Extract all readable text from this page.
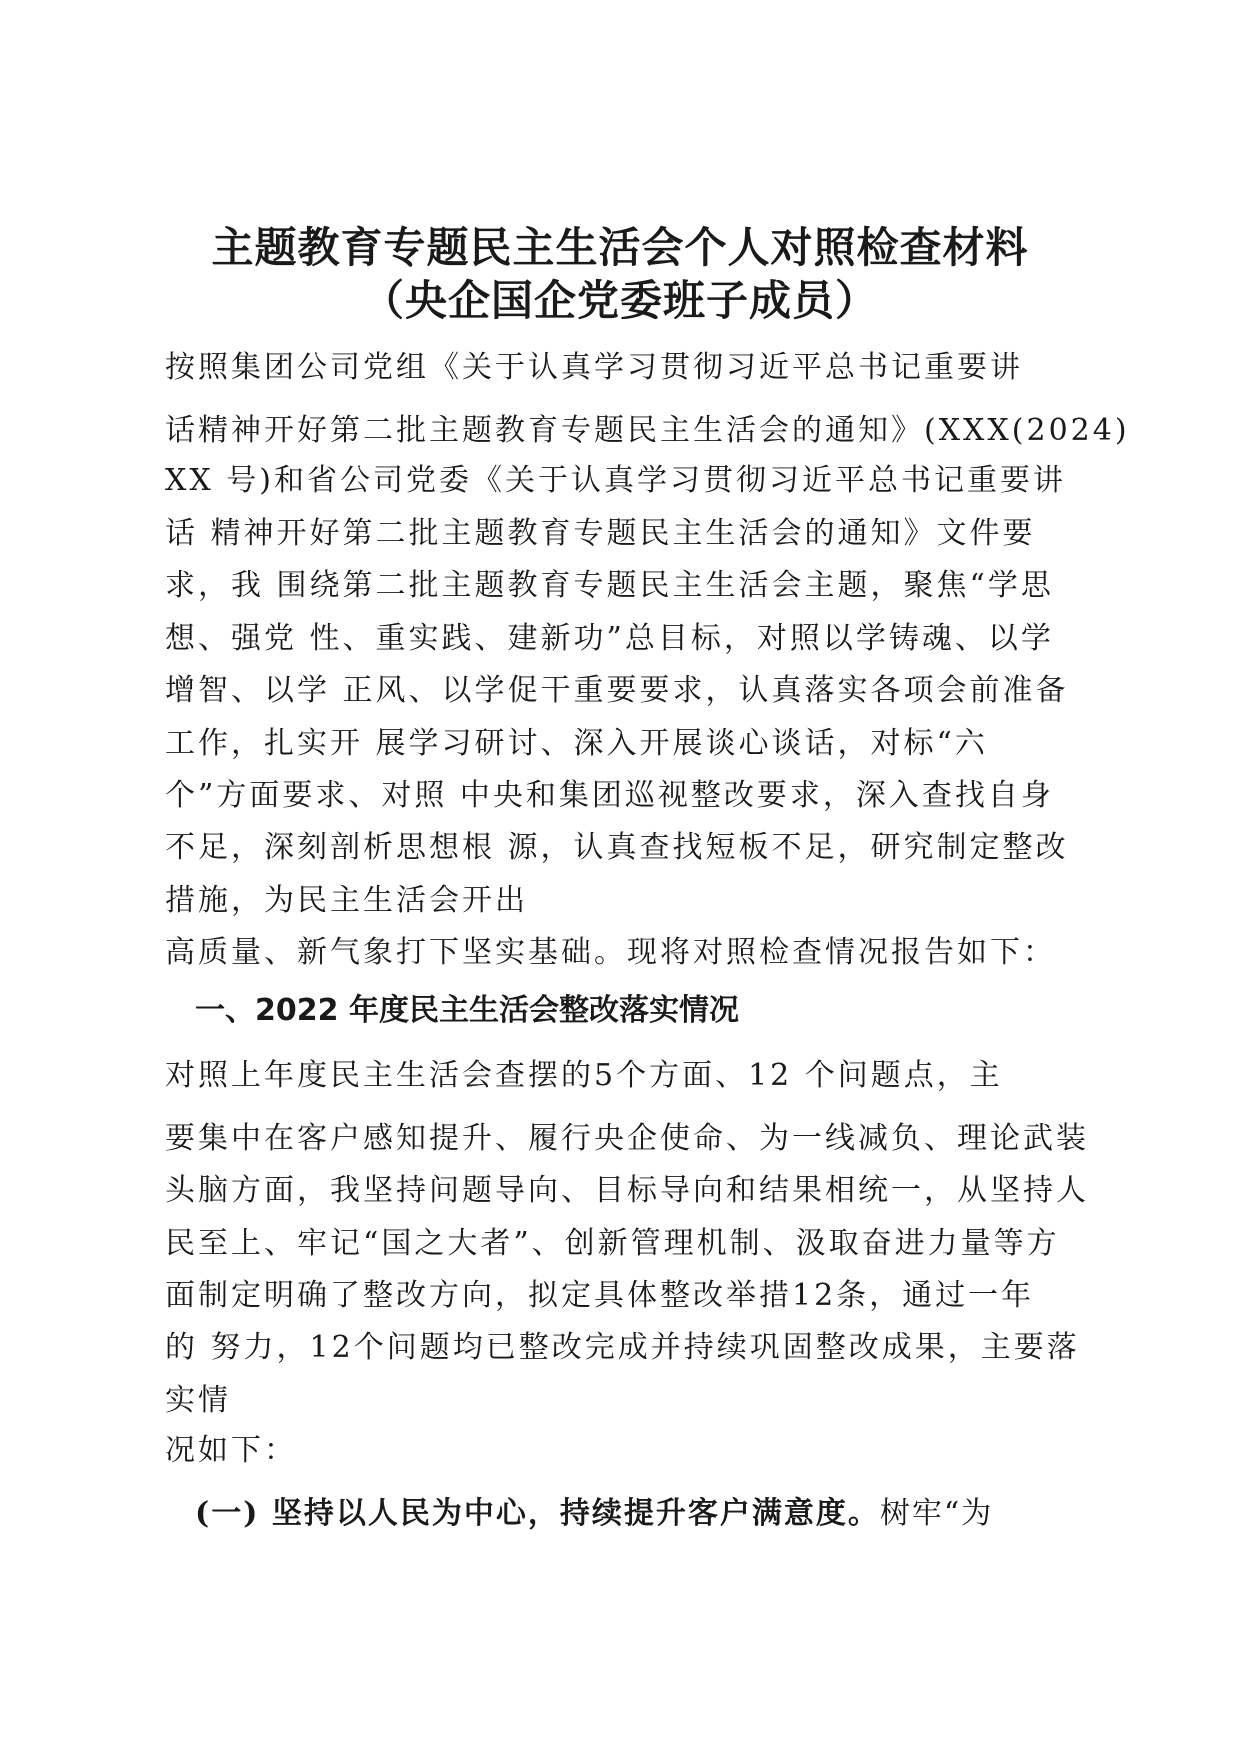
主题教育专题民主生活会个人对照检查材料
（央企国企党委班子成员）
按照集团公司党组《关于认真学习贯彻习近平总书记重要讲
话精神开好第二批主题教育专题民主生活会的通知》(XXX(2024)
XX 号)和省公司党委《关于认真学习贯彻习近平总书记重要讲
话 精神开好第二批主题教育专题民主生活会的通知》文件要
求，我 围绕第二批主题教育专题民主生活会主题，聚焦“学思
想、强党 性、重实践、建新功”总目标，对照以学铸魂、以学
增智、以学 正风、以学促干重要要求，认真落实各项会前准备
工作，扎实开 展学习研讨、深入开展谈心谈话，对标“六
个”方面要求、对照 中央和集团巡视整改要求，深入查找自身
不足，深刻剖析思想根 源，认真查找短板不足，研究制定整改
措施，为民主生活会开出
高质量、新气象打下坚实基础。现将对照检查情况报告如下：
一、2022 年度民主生活会整改落实情况
对照上年度民主生活会查摆的5个方面、12 个问题点，主
要集中在客户感知提升、履行央企使命、为一线减负、理论武装
头脑方面，我坚持问题导向、目标导向和结果相统一，从坚持人
民至上、牢记“国之大者”、创新管理机制、汲取奋进力量等方
面制定明确了整改方向，拟定具体整改举措12条，通过一年
的 努力，12个问题均已整改完成并持续巩固整改成果，主要落
实情
况如下：
(一) 坚持以人民为中心，持续提升客户满意度。树牢“为
